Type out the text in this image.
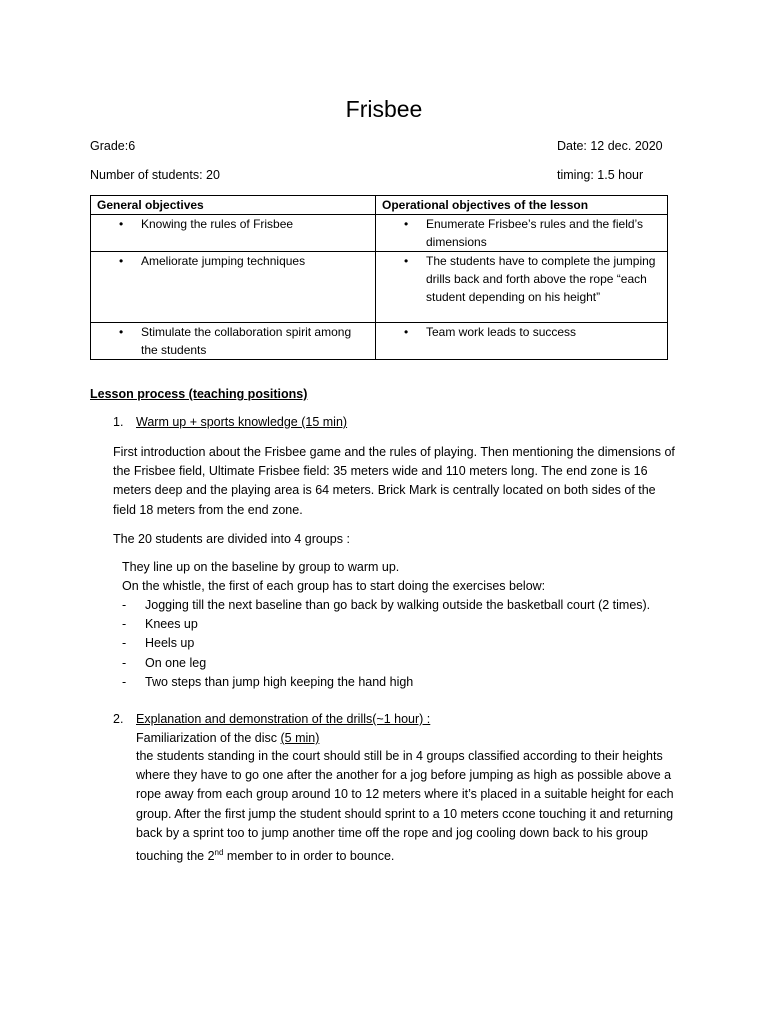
Frisbee
Grade:6	Date: 12 dec. 2020
Number of students: 20	timing: 1.5 hour
General objectives	Operational objectives of the lesson

• Knowing the rules of Frisbee	• Enumerate Frisbee’s rules and the field’s dimensions

• Ameliorate jumping techniques	• The students have to complete the jumping drills back and forth above the rope “each student depending on his height”

• Stimulate the collaboration spirit among the students	• Team work leads to success
Lesson process (teaching positions)
1. Warm up + sports knowledge (15 min)
First introduction about the Frisbee game and the rules of playing. Then mentioning the dimensions of the Frisbee field, Ultimate Frisbee field: 35 meters wide and 110 meters long. The end zone is 16 meters deep and the playing area is 64 meters. Brick Mark is centrally located on both sides of the field 18 meters from the end zone.
The 20 students are divided into 4 groups :
They line up on the baseline by group to warm up.
On the whistle, the first of each group has to start doing the exercises below:
- Jogging till the next baseline than go back by walking outside the basketball court (2 times).
- Knees up
- Heels up
- On one leg
- Two steps than jump high keeping the hand high
2. Explanation and demonstration of the drills(~1 hour) :
Familiarization of the disc (5 min)
the students standing in the court should still be in 4 groups classified according to their heights where they have to go one after the another for a jog before jumping as high as possible above a rope away from each group around 10 to 12 meters where it’s placed in a suitable height for each group. After the first jump the student should sprint to a 10 meters ccone touching it and returning back by a sprint too to jump another time off the rope and jog cooling down back to his group touching the 2nd member to in order to bounce.
